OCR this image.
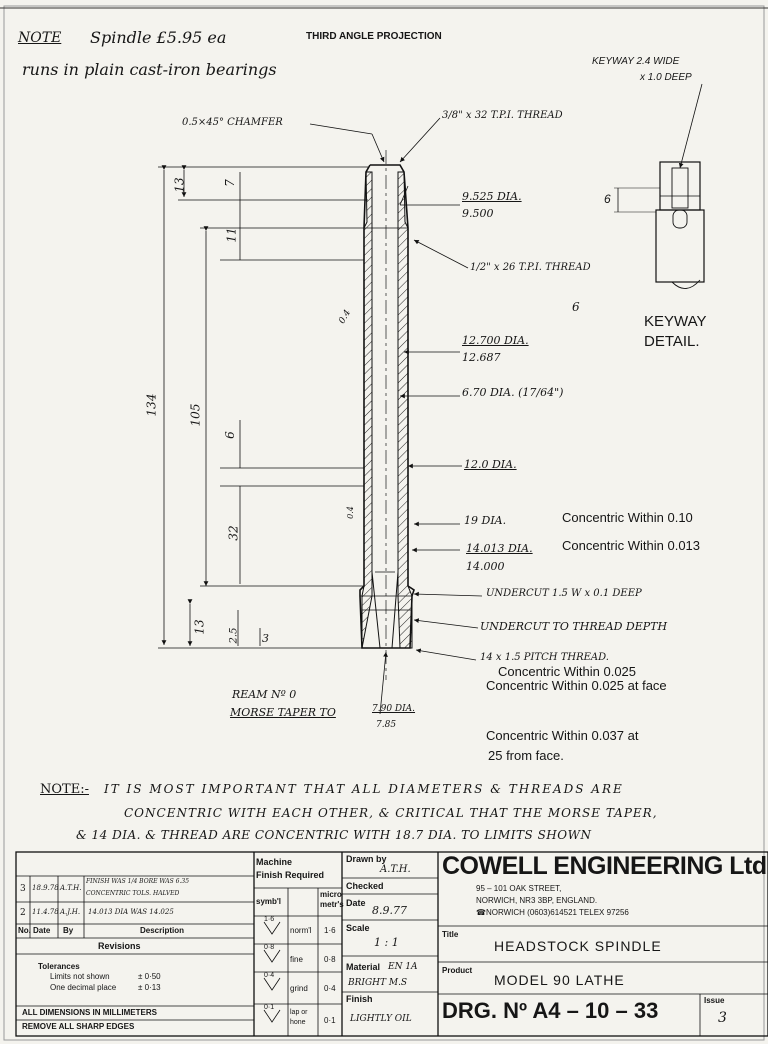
NOTE Spindle £5.95 ea	THIRD ANGLE PROJECTION
runs in plain cast-iron bearings
0.5×45° CHAMFER
3/8" x 32 T.P.I. THREAD
9.525 DIA.
9.500
1/2" x 26 T.P.I. THREAD
6
KEYWAY 2.4 WIDE
x 1.0 DEEP
6
KEYWAY
DETAIL.
12.700 DIA.
12.687
6.70 DIA. (17/64")
12.0 DIA.
19 DIA.	Concentric Within 0.10
14.013 DIA. Concentric Within 0.013
14.000
UNDERCUT 1.5 W x 0.1 DEEP
UNDERCUT TO THREAD DEPTH
14 x 1.5 PITCH THREAD.
Concentric Within 0.025
Concentric Within 0.025 at face
REAM Nº 0
MORSE TAPER TO	7.90 DIA.
7.85
Concentric Within 0.037 at
25 from face.
134	105
13	7
11
6
32
13
2.5 3
0.4
0.4
NOTE:- IT IS MOST IMPORTANT THAT ALL DIAMETERS & THREADS ARE
CONCENTRIC WITH EACH OTHER, & CRITICAL THAT THE MORSE TAPER,
& 14 DIA. & THREAD ARE CONCENTRIC WITH 18.7 DIA. TO LIMITS SHOWN
3 18.9.78 A.T.H.
FINISH WAS 1/4 BORE WAS 6.35
CONCENTRIC TOLS. HALVED
2 11.4.78 A.J.H. 14.013 DIA WAS 14.025
No. Date By	Description
Revisions
Tolerances
Limits not shown	± 0·50
One decimal place	± 0·13
ALL DIMENSIONS IN MILLIMETERS
REMOVE ALL SHARP EDGES
Machine
Finish Required
symb'l
micro
metr's
1·6
norm'l 1·6
0·8
fine	0·8
0·4
grind 0·4
0·1
lap or hone	0·1
Drawn by
A.T.H.
Checked
Date
8.9.77
Scale
1 : 1
Material EN 1A
BRIGHT M.S
Finish
LIGHTLY OIL
COWELL ENGINEERING Ltd
95 – 101 OAK STREET,
NORWICH, NR3 3BP, ENGLAND.
☎NORWICH (0603)614521 TELEX 97256
Title
HEADSTOCK SPINDLE
Product
MODEL 90 LATHE
DRG. Nº A4 – 10 – 33	Issue
3
